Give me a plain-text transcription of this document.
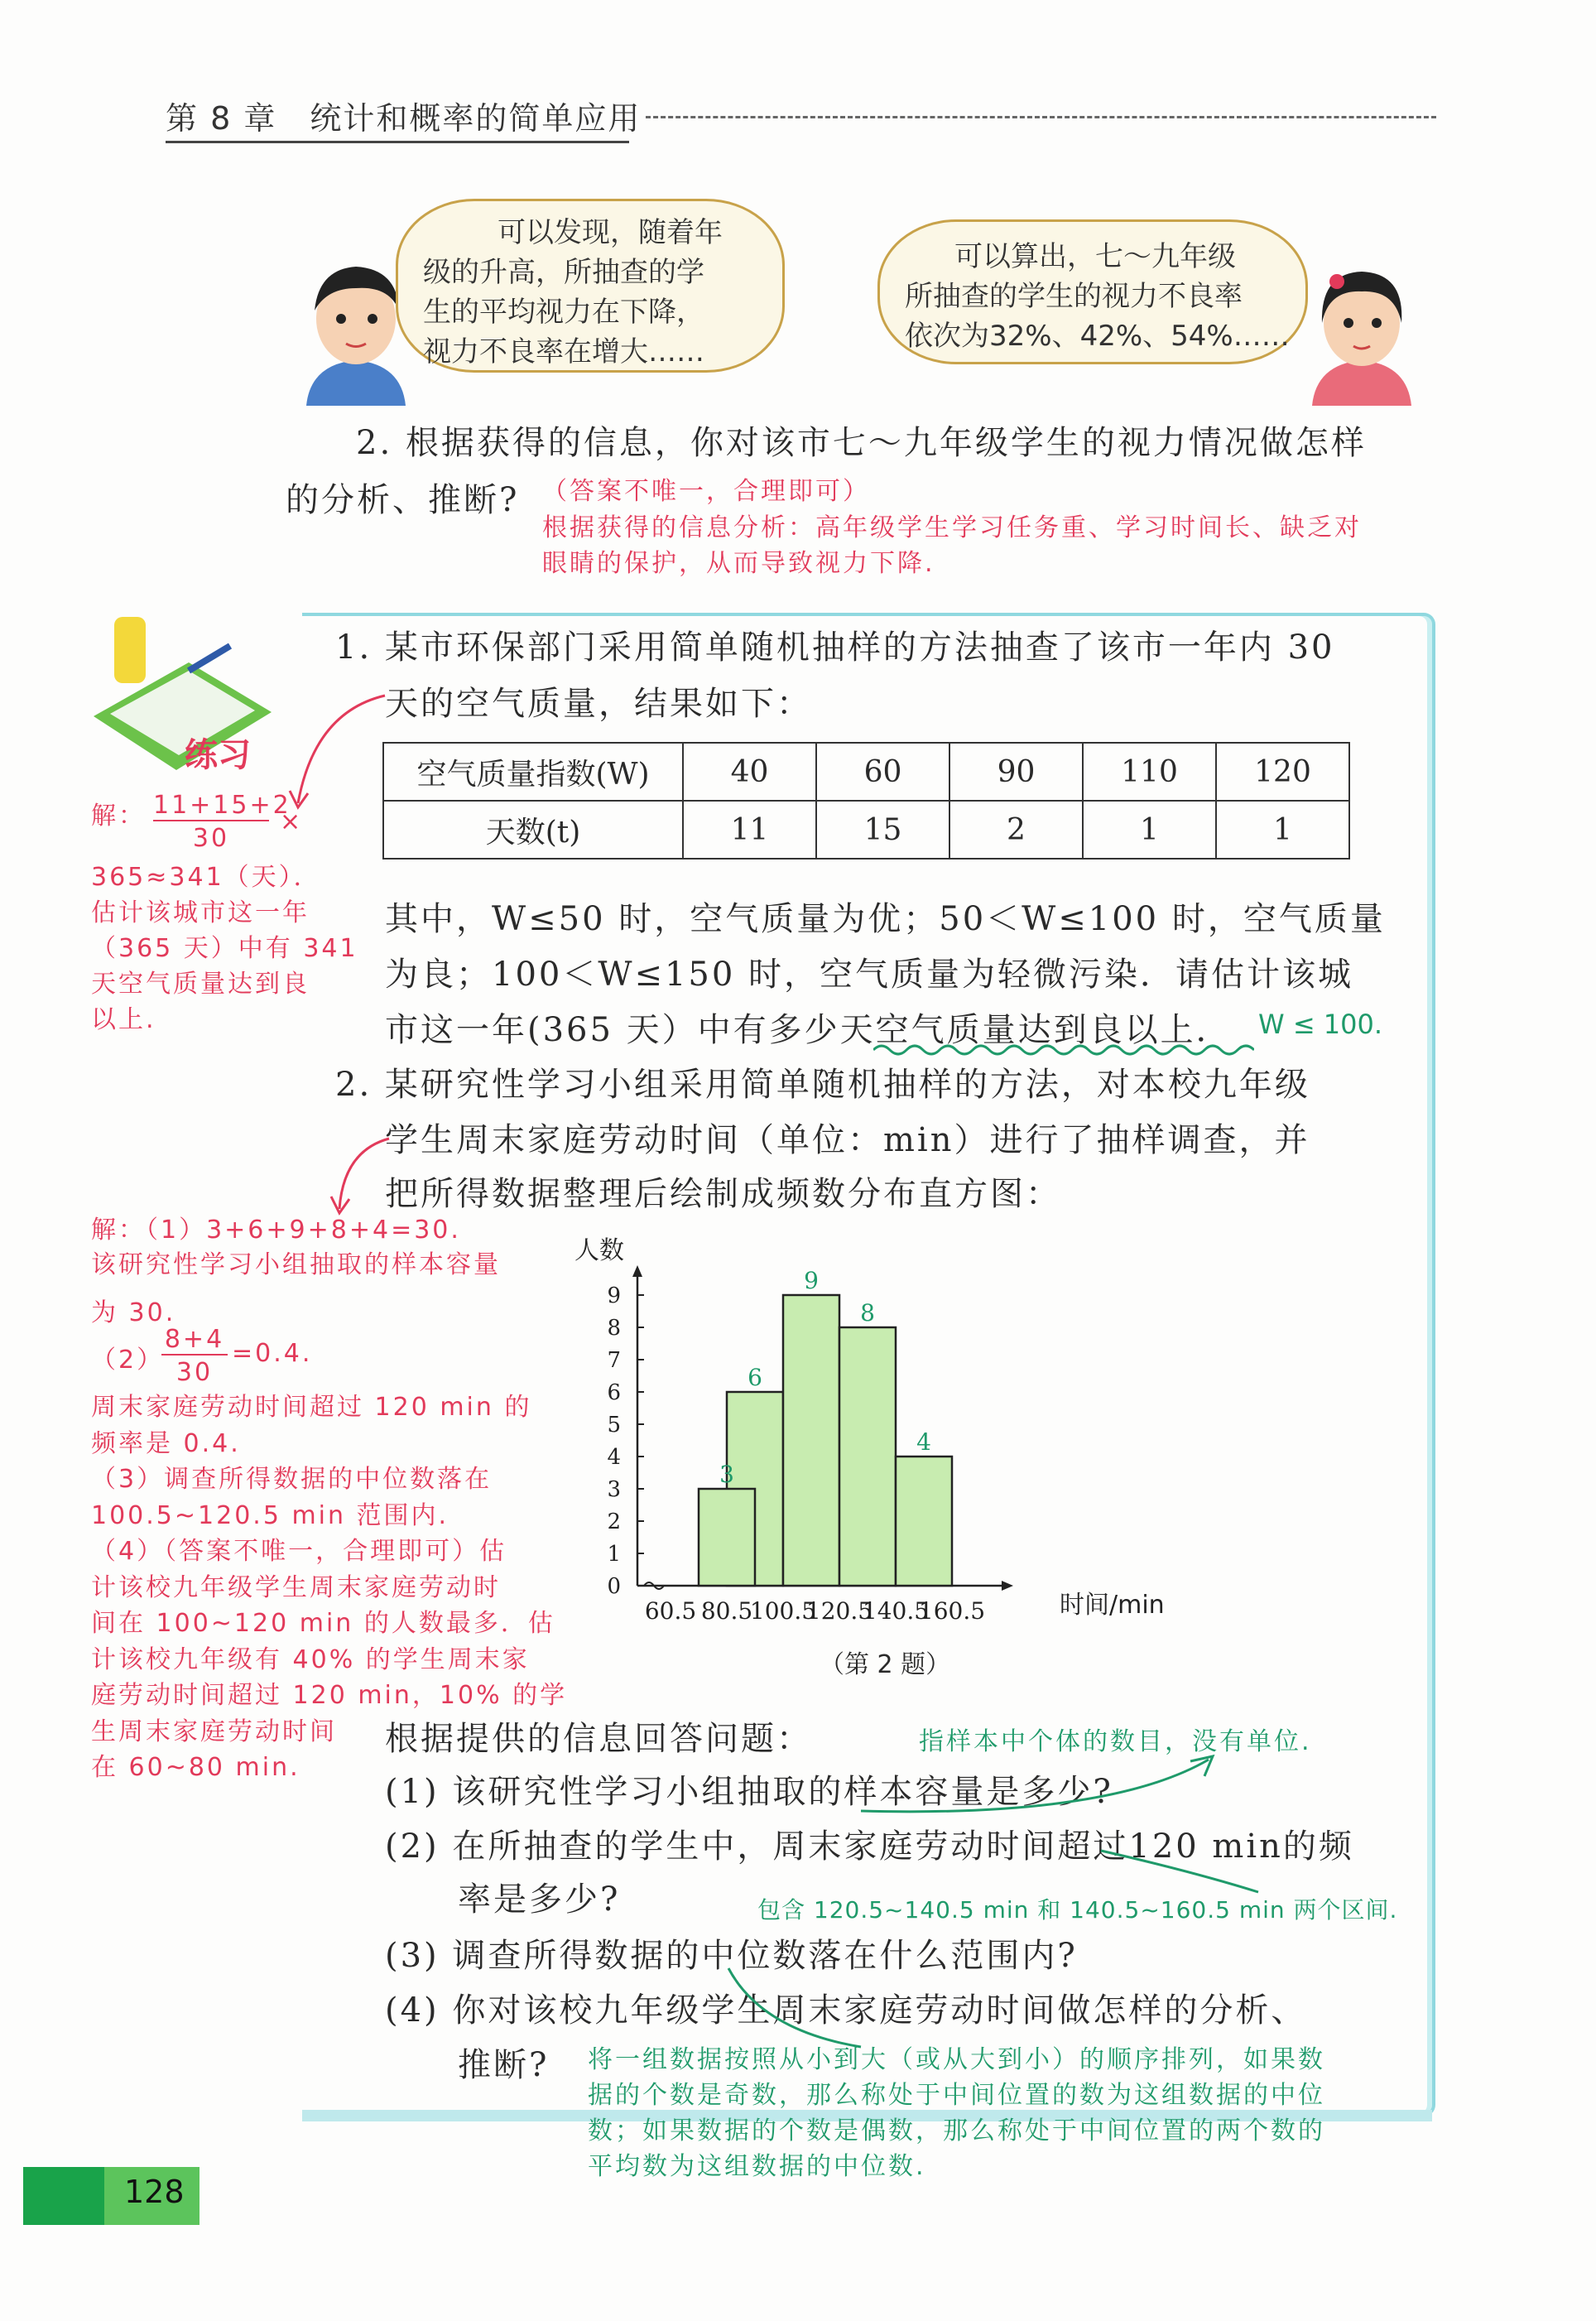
第 8 章　统计和概率的简单应用
可以发现，随着年
级的升高，所抽查的学
生的平均视力在下降，
视力不良率在增大……
可以算出，七～九年级
所抽查的学生的视力不良率
依次为32%、42%、54%……
2. 根据获得的信息，你对该市七～九年级学生的视力情况做怎样
的分析、推断? （答案不唯一，合理即可）
根据获得的信息分析：高年级学生学习任务重、学习时间长、缺乏对
眼睛的保护，从而导致视力下降.
练习
1. 某市环保部门采用简单随机抽样的方法抽查了该市一年内 30
天的空气质量，结果如下：
空气质量指数(W)	40	60	90	110	120
天数(t)	11	15	2	1	1
其中，W≤50 时，空气质量为优；50＜W≤100 时，空气质量
为良；100＜W≤150 时，空气质量为轻微污染．请估计该城
市这一年(365 天）中有多少天空气质量达到良以上． W ≤ 100.
解： 11+15+2
30
×
365≈341（天）．
估计该城市这一年
（365 天）中有 341
天空气质量达到良
以上.
2. 某研究性学习小组采用简单随机抽样的方法，对本校九年级
学生周末家庭劳动时间（单位：min）进行了抽样调查，并
把所得数据整理后绘制成频数分布直方图：
解：（1）3+6+9+8+4=30.
该研究性学习小组抽取的样本容量
为 30.
（2）
8+4
30
=0.4.
周末家庭劳动时间超过 120 min 的
频率是 0.4.
（3）调查所得数据的中位数落在
100.5~120.5 min 范围内.
（4）（答案不唯一，合理即可）估
计该校九年级学生周末家庭劳动时
间在 100~120 min 的人数最多．估
计该校九年级有 40% 的学生周末家
庭劳动时间超过 120 min，10% 的学
生周末家庭劳动时间
在 60~80 min.
人数
时间/min
0
1
2
3
4
5
6
7
8
9
60.5 80.5
100.5
120.5
140.5
160.5
6
9
8
4
3
（第 2 题）
根据提供的信息回答问题：	指样本中个体的数目，没有单位.
(1) 该研究性学习小组抽取的样本容量是多少?
(2) 在所抽查的学生中，周末家庭劳动时间超过120 min的频
率是多少?	包含 120.5~140.5 min 和 140.5~160.5 min 两个区间.
(3) 调查所得数据的中位数落在什么范围内?
(4) 你对该校九年级学生周末家庭劳动时间做怎样的分析、
推断? 将一组数据按照从小到大（或从大到小）的顺序排列，如果数
据的个数是奇数，那么称处于中间位置的数为这组数据的中位
数；如果数据的个数是偶数，那么称处于中间位置的两个数的
平均数为这组数据的中位数.
128
